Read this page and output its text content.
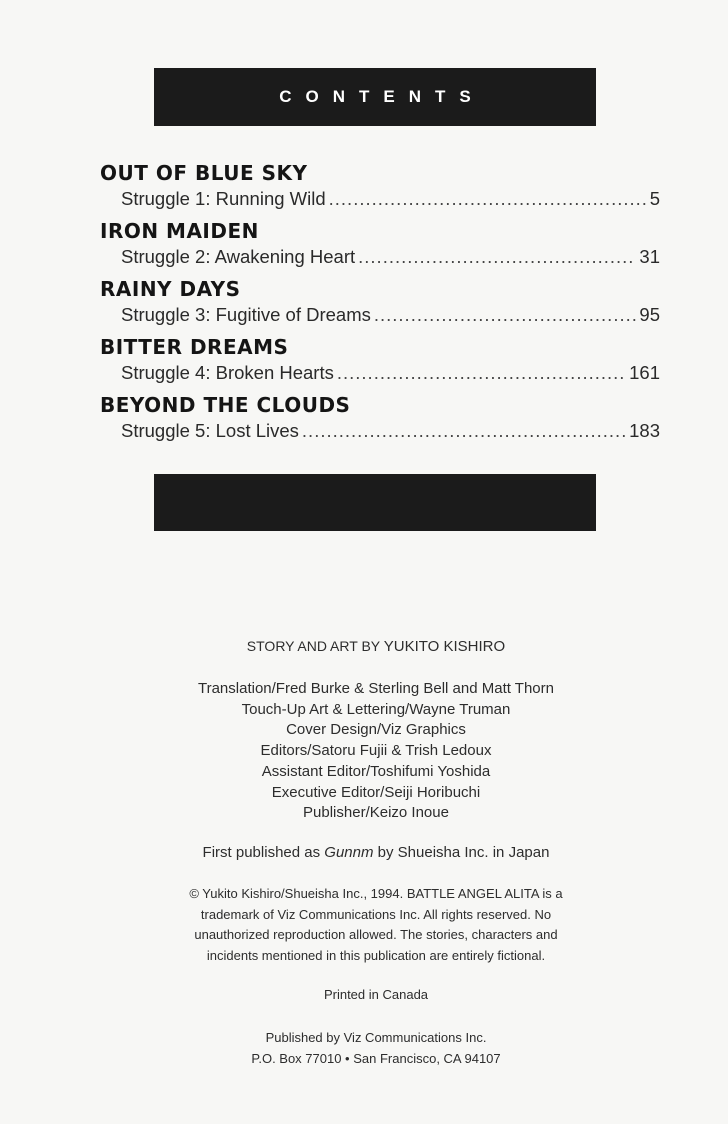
CONTENTS
OUT OF BLUE SKY
Struggle 1: Running Wild .....	5
IRON MAIDEN
Struggle 2: Awakening Heart .....	31
RAINY DAYS
Struggle 3: Fugitive of Dreams .....	95
BITTER DREAMS
Struggle 4: Broken Hearts .....	161
BEYOND THE CLOUDS
Struggle 5: Lost Lives .....	183
STORY AND ART BY YUKITO KISHIRO
Translation/Fred Burke & Sterling Bell and Matt Thorn
Touch-Up Art & Lettering/Wayne Truman
Cover Design/Viz Graphics
Editors/Satoru Fujii & Trish Ledoux
Assistant Editor/Toshifumi Yoshida
Executive Editor/Seiji Horibuchi
Publisher/Keizo Inoue
First published as Gunnm by Shueisha Inc. in Japan
© Yukito Kishiro/Shueisha Inc., 1994. BATTLE ANGEL ALITA is a
trademark of Viz Communications Inc. All rights reserved. No
unauthorized reproduction allowed. The stories, characters and
incidents mentioned in this publication are entirely fictional.
Printed in Canada
Published by Viz Communications Inc.
P.O. Box 77010 • San Francisco, CA 94107
